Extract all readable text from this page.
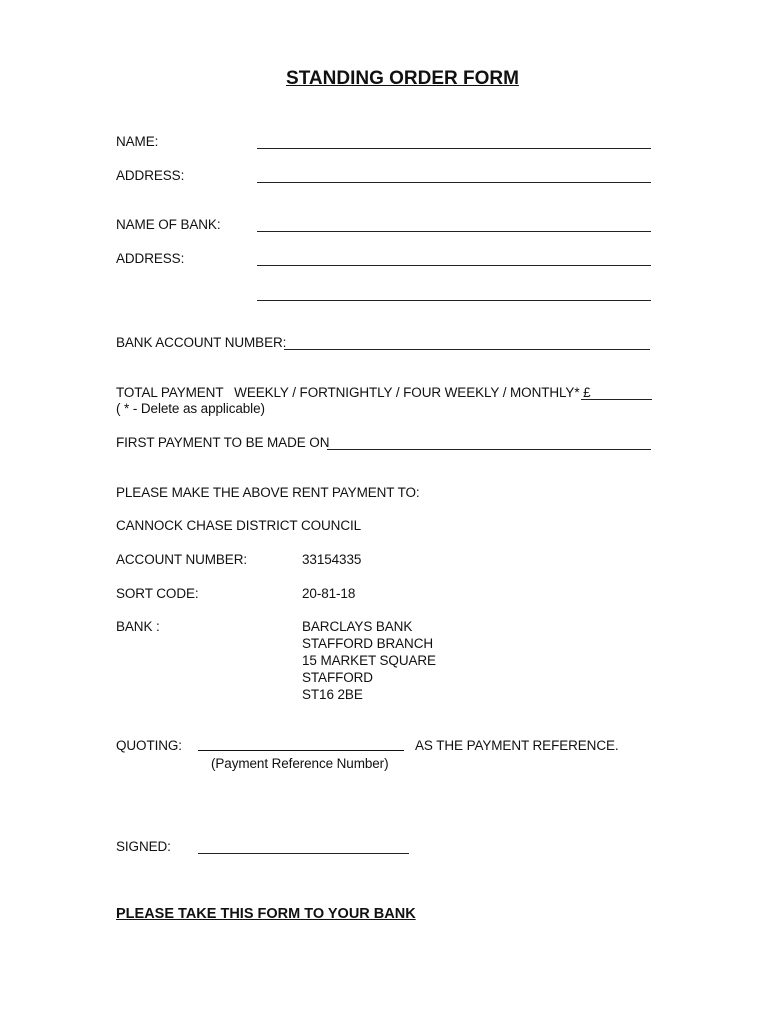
STANDING ORDER FORM
NAME:
ADDRESS:
NAME OF BANK:
ADDRESS:
BANK ACCOUNT NUMBER:
TOTAL PAYMENT   WEEKLY / FORTNIGHTLY / FOUR WEEKLY / MONTHLY* £
( * - Delete as applicable)
FIRST PAYMENT TO BE MADE ON
PLEASE MAKE THE ABOVE RENT PAYMENT TO:
CANNOCK CHASE DISTRICT COUNCIL
ACCOUNT NUMBER:	33154335
SORT CODE:	20-81-18
BANK :	BARCLAYS BANK
STAFFORD BRANCH
15 MARKET SQUARE
STAFFORD
ST16 2BE
QUOTING:	AS THE PAYMENT REFERENCE.
(Payment Reference Number)
SIGNED:
PLEASE TAKE THIS FORM TO YOUR BANK
